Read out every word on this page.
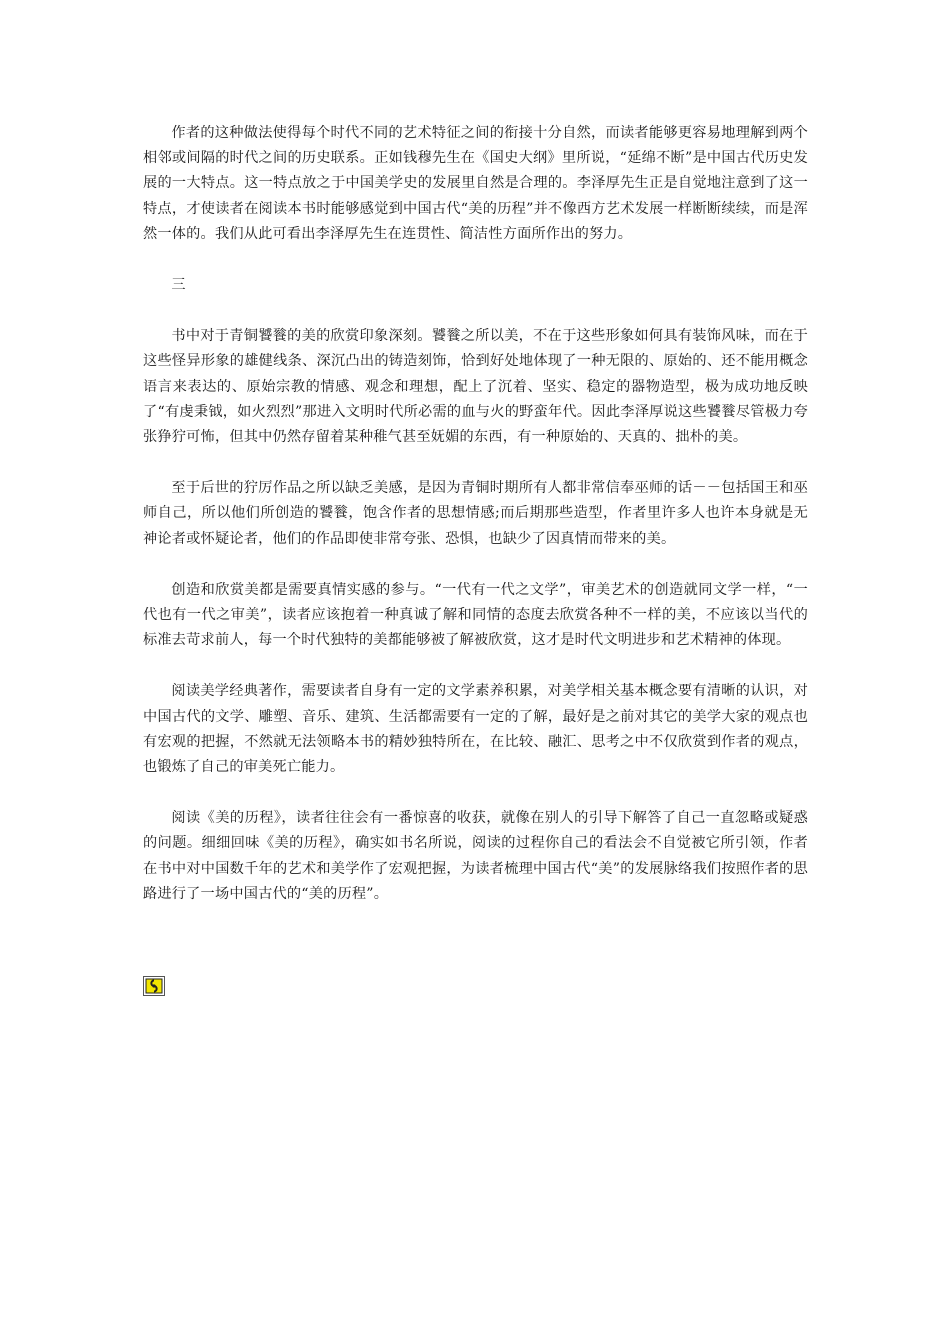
作者的这种做法使得每个时代不同的艺术特征之间的衔接十分自然，而读者能够更容易地理解到两个相邻或间隔的时代之间的历史联系。正如钱穆先生在《国史大纲》里所说，“延绵不断”是中国古代历史发展的一大特点。这一特点放之于中国美学史的发展里自然是合理的。李泽厚先生正是自觉地注意到了这一特点，才使读者在阅读本书时能够感觉到中国古代“美的历程”并不像西方艺术发展一样断断续续，而是浑然一体的。我们从此可看出李泽厚先生在连贯性、简洁性方面所作出的努力。

三

书中对于青铜饕餮的美的欣赏印象深刻。饕餮之所以美，不在于这些形象如何具有装饰风味，而在于这些怪异形象的雄健线条、深沉凸出的铸造刻饰，恰到好处地体现了一种无限的、原始的、还不能用概念语言来表达的、原始宗教的情感、观念和理想，配上了沉着、坚实、稳定的器物造型，极为成功地反映了“有虔秉钺，如火烈烈”那进入文明时代所必需的血与火的野蛮年代。因此李泽厚说这些饕餮尽管极力夸张狰狞可怖，但其中仍然存留着某种稚气甚至妩媚的东西，有一种原始的、天真的、拙朴的美。

至于后世的狞厉作品之所以缺乏美感，是因为青铜时期所有人都非常信奉巫师的话－－包括国王和巫师自己，所以他们所创造的饕餮，饱含作者的思想情感;而后期那些造型，作者里许多人也许本身就是无神论者或怀疑论者，他们的作品即使非常夸张、恐惧，也缺少了因真情而带来的美。

创造和欣赏美都是需要真情实感的参与。“一代有一代之文学”，审美艺术的创造就同文学一样，“一代也有一代之审美”，读者应该抱着一种真诚了解和同情的态度去欣赏各种不一样的美，不应该以当代的标准去苛求前人，每一个时代独特的美都能够被了解被欣赏，这才是时代文明进步和艺术精神的体现。

阅读美学经典著作，需要读者自身有一定的文学素养积累，对美学相关基本概念要有清晰的认识，对中国古代的文学、雕塑、音乐、建筑、生活都需要有一定的了解，最好是之前对其它的美学大家的观点也有宏观的把握，不然就无法领略本书的精妙独特所在，在比较、融汇、思考之中不仅欣赏到作者的观点，也锻炼了自己的审美死亡能力。

阅读《美的历程》，读者往往会有一番惊喜的收获，就像在别人的引导下解答了自己一直忽略或疑惑的问题。细细回味《美的历程》，确实如书名所说，阅读的过程你自己的看法会不自觉被它所引领，作者在书中对中国数千年的艺术和美学作了宏观把握，为读者梳理中国古代“美”的发展脉络我们按照作者的思路进行了一场中国古代的“美的历程”。
